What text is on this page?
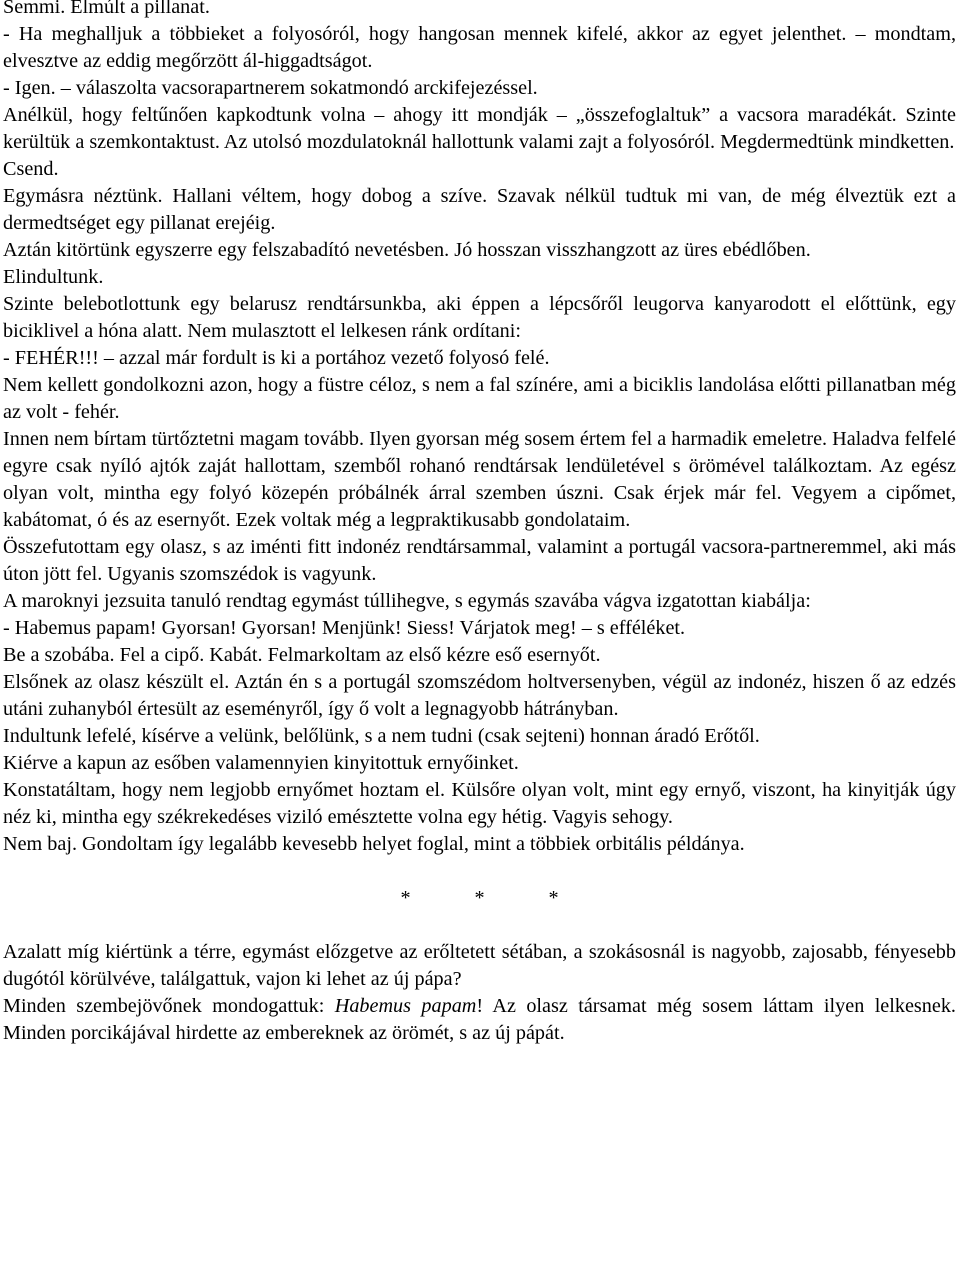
Semmi. Elmúlt a pillanat.

- Ha meghalljuk a többieket a folyosóról, hogy hangosan mennek kifelé, akkor az egyet jelenthet. – mondtam, elvesztve az eddig megőrzött ál-higgadtságot.

- Igen. – válaszolta vacsorapartnerem sokatmondó arckifejezéssel.

Anélkül, hogy feltűnően kapkodtunk volna – ahogy itt mondják – „összefoglaltuk” a vacsora maradékát. Szinte kerültük a szemkontaktust. Az utolsó mozdulatoknál hallottunk valami zajt a folyosóról. Megdermedtünk mindketten.

Csend.

Egymásra néztünk. Hallani véltem, hogy dobog a szíve. Szavak nélkül tudtuk mi van, de még élveztük ezt a dermedtséget egy pillanat erejéig.

Aztán kitörtünk egyszerre egy felszabadító nevetésben. Jó hosszan visszhangzott az üres ebédlőben.

Elindultunk.

Szinte belebotlottunk egy belarusz rendtársunkba, aki éppen a lépcsőről leugorva kanyarodott el előttünk, egy biciklivel a hóna alatt. Nem mulasztott el lelkesen ránk ordítani:

- FEHÉR!!! – azzal már fordult is ki a portához vezető folyosó felé.

Nem kellett gondolkozni azon, hogy a füstre céloz, s nem a fal színére, ami a biciklis landolása előtti pillanatban még az volt - fehér.

Innen nem bírtam türtőztetni magam tovább. Ilyen gyorsan még sosem értem fel a harmadik emeletre. Haladva felfelé egyre csak nyíló ajtók zaját hallottam, szemből rohanó rendtársak lendületével s örömével találkoztam. Az egész olyan volt, mintha egy folyó közepén próbálnék árral szemben úszni. Csak érjek már fel. Vegyem a cipőmet, kabátomat, ó és az esernyőt. Ezek voltak még a legpraktikusabb gondolataim.

Összefutottam egy olasz, s az iménti fitt indonéz rendtársammal, valamint a portugál vacsora-partneremmel, aki más úton jött fel. Ugyanis szomszédok is vagyunk.

A maroknyi jezsuita tanuló rendtag egymást túllihegve, s egymás szavába vágva izgatottan kiabálja:

- Habemus papam! Gyorsan! Gyorsan! Menjünk! Siess! Várjatok meg! – s efféléket.

Be a szobába. Fel a cipő. Kabát. Felmarkoltam az első kézre eső esernyőt.

Elsőnek az olasz készült el. Aztán én s a portugál szomszédom holtversenyben, végül az indonéz, hiszen ő az edzés utáni zuhanyból értesült az eseményről, így ő volt a legnagyobb hátrányban.

Indultunk lefelé, kísérve a velünk, belőlünk, s a nem tudni (csak sejteni) honnan áradó Erőtől.

Kiérve a kapun az esőben valamennyien kinyitottuk ernyőinket.

Konstatáltam, hogy nem legjobb ernyőmet hoztam el. Külsőre olyan volt, mint egy ernyő, viszont, ha kinyitják úgy néz ki, mintha egy székrekedéses viziló emésztette volna egy hétig. Vagyis sehogy.

Nem baj. Gondoltam így legalább kevesebb helyet foglal, mint a többiek orbitális példánya.

*	*	*

Azalatt míg kiértünk a térre, egymást előzgetve az erőltetett sétában, a szokásosnál is nagyobb, zajosabb, fényesebb dugótól körülvéve, találgattuk, vajon ki lehet az új pápa?

Minden szembejövőnek mondogattuk: Habemus papam! Az olasz társamat még sosem láttam ilyen lelkesnek. Minden porcikájával hirdette az embereknek az örömét, s az új pápát.
